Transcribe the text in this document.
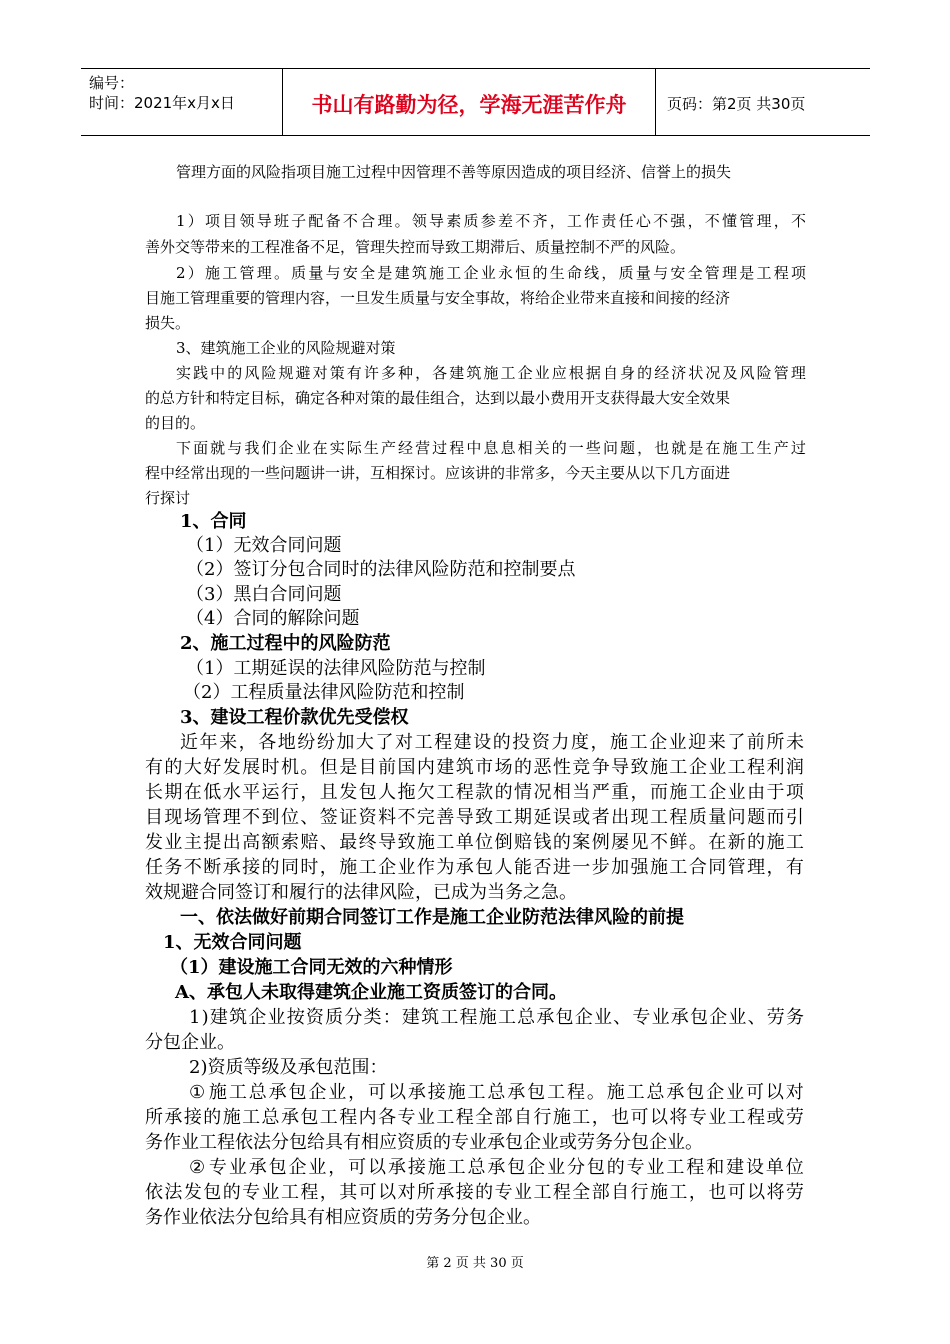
编号：
时间：2021年x月x日	书山有路勤为径，学海无涯苦作舟	页码：第2页 共30页
管理方面的风险指项目施工过程中因管理不善等原因造成的项目经济、信誉上的损失
1 ） 项 目 领 导 班 子 配 备 不 合 理 。 领 导 素 质 参 差 不 齐 ， 工 作 责 任 心 不 强 ， 不 懂 管 理 ， 不
善外交等带来的工程准备不足，管理失控而导致工期滞后、质量控制不严的风险。
2 ） 施 工 管 理 。 质 量 与 安 全 是 建 筑 施 工 企 业 永 恒 的 生 命 线 ， 质 量 与 安 全 管 理 是 工 程 项
目施工管理重要的管理内容，一旦发生质量与安全事故，将给企业带来直接和间接的经济
损失。
3、建筑施工企业的风险规避对策
实 践 中 的 风 险 规 避 对 策 有 许 多 种 ， 各 建 筑 施 工 企 业 应 根 据 自 身 的 经 济 状 况 及 风 险 管 理
的总方针和特定目标，确定各种对策的最佳组合，达到以最小费用开支获得最大安全效果
的目的。
下 面 就 与 我 们 企 业 在 实 际 生 产 经 营 过 程 中 息 息 相 关 的 一 些 问 题 ， 也 就 是 在 施 工 生 产 过
程中经常出现的一些问题讲一讲，互相探讨。应该讲的非常多，今天主要从以下几方面进
行探讨
1、合同
（1）无效合同问题
（2）签订分包合同时的法律风险防范和控制要点
（3）黑白合同问题
（4）合同的解除问题
2、施工过程中的风险防范
（1）工期延误的法律风险防范与控制
（2）工程质量法律风险防范和控制
3、建设工程价款优先受偿权
近 年 来 ， 各 地 纷 纷 加 大 了 对 工 程 建 设 的 投 资 力 度 ， 施 工 企 业 迎 来 了 前 所 未
有 的 大 好 发 展 时 机 。 但 是 目 前 国 内 建 筑 市 场 的 恶 性 竞 争 导 致 施 工 企 业 工 程 利 润
长 期 在 低 水 平 运 行 ， 且 发 包 人 拖 欠 工 程 款 的 情 况 相 当 严 重 ， 而 施 工 企 业 由 于 项
目 现 场 管 理 不 到 位 、 签 证 资 料 不 完 善 导 致 工 期 延 误 或 者 出 现 工 程 质 量 问 题 而 引
发 业 主 提 出 高 额 索 赔 、 最 终 导 致 施 工 单 位 倒 赔 钱 的 案 例 屡 见 不 鲜 。 在 新 的 施 工
任 务 不 断 承 接 的 同 时 ， 施 工 企 业 作 为 承 包 人 能 否 进 一 步 加 强 施 工 合 同 管 理 ， 有
效规避合同签订和履行的法律风险，已成为当务之急。
一、依法做好前期合同签订工作是施工企业防范法律风险的前提
1、无效合同问题
（1）建设施工合同无效的六种情形
A、承包人未取得建筑企业施工资质签订的合同。
1 ) 建 筑 企 业 按 资 质 分 类 ： 建 筑 工 程 施 工 总 承 包 企 业 、 专 业 承 包 企 业 、 劳 务
分包企业。
2)资质等级及承包范围：
① 施 工 总 承 包 企 业 ， 可 以 承 接 施 工 总 承 包 工 程 。 施 工 总 承 包 企 业 可 以 对
所 承 接 的 施 工 总 承 包 工 程 内 各 专 业 工 程 全 部 自 行 施 工 ， 也 可 以 将 专 业 工 程 或 劳
务作业工程依法分包给具有相应资质的专业承包企业或劳务分包企业。
② 专 业 承 包 企 业 ， 可 以 承 接 施 工 总 承 包 企 业 分 包 的 专 业 工 程 和 建 设 单 位
依 法 发 包 的 专 业 工 程 ， 其 可 以 对 所 承 接 的 专 业 工 程 全 部 自 行 施 工 ， 也 可 以 将 劳
务作业依法分包给具有相应资质的劳务分包企业。
第 2 页 共 30 页
